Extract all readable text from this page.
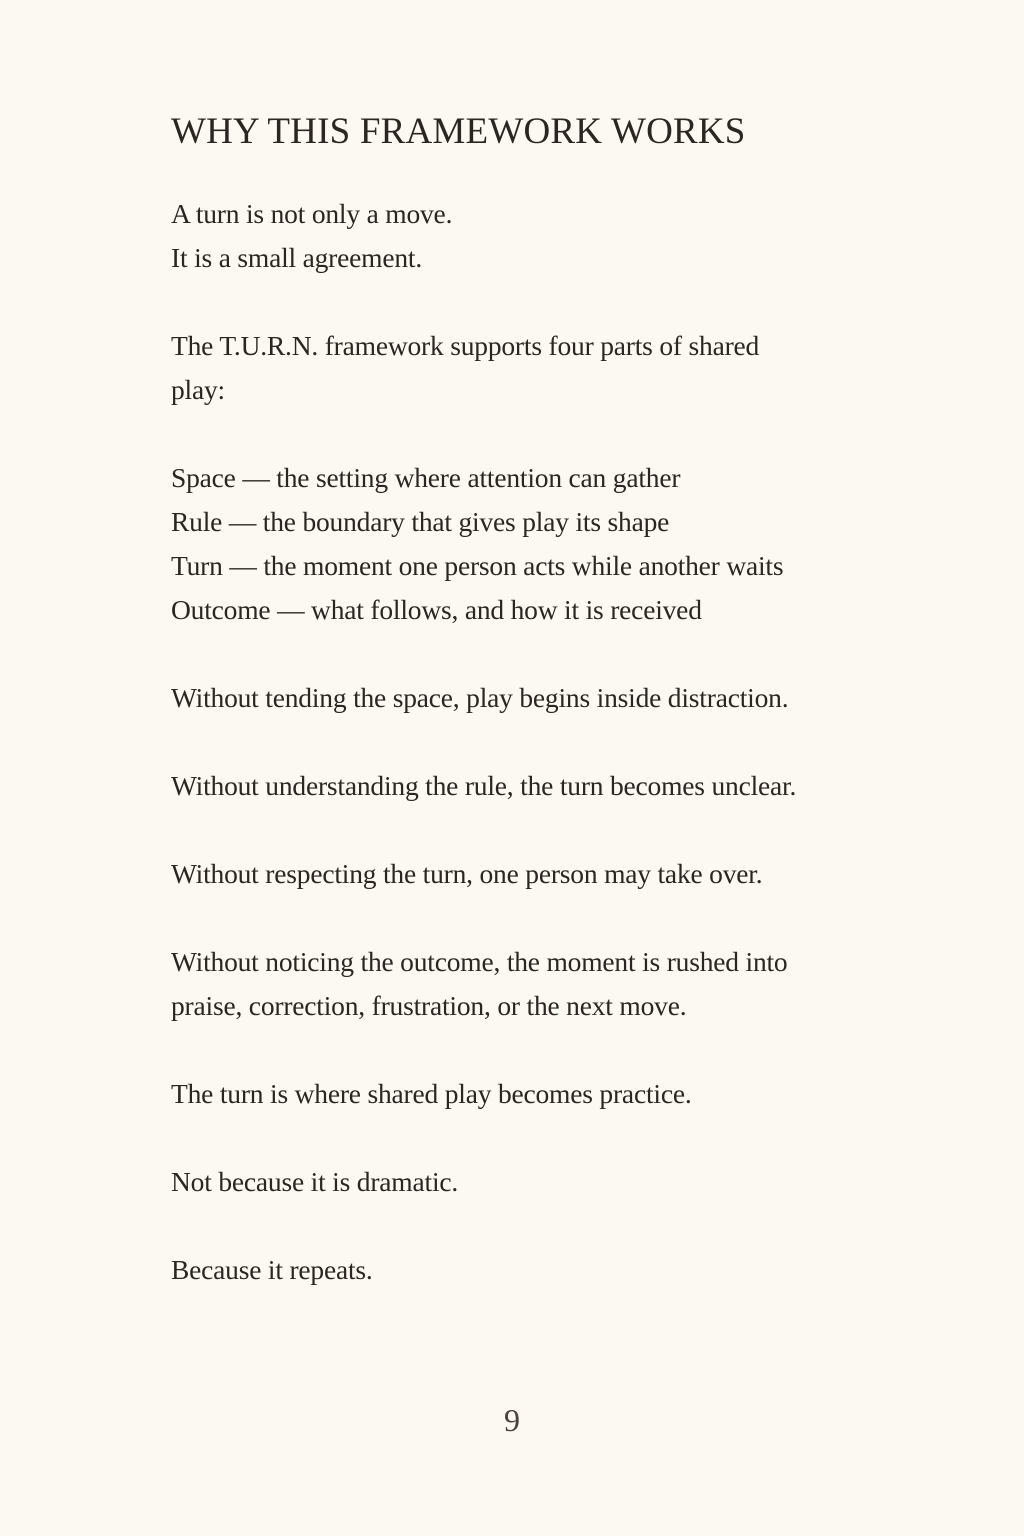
WHY THIS FRAMEWORK WORKS

A turn is not only a move.
It is a small agreement.

The T.U.R.N. framework supports four parts of shared
play:

Space — the setting where attention can gather
Rule — the boundary that gives play its shape
Turn — the moment one person acts while another waits
Outcome — what follows, and how it is received

Without tending the space, play begins inside distraction.

Without understanding the rule, the turn becomes unclear.

Without respecting the turn, one person may take over.

Without noticing the outcome, the moment is rushed into
praise, correction, frustration, or the next move.

The turn is where shared play becomes practice.

Not because it is dramatic.

Because it repeats.

9
